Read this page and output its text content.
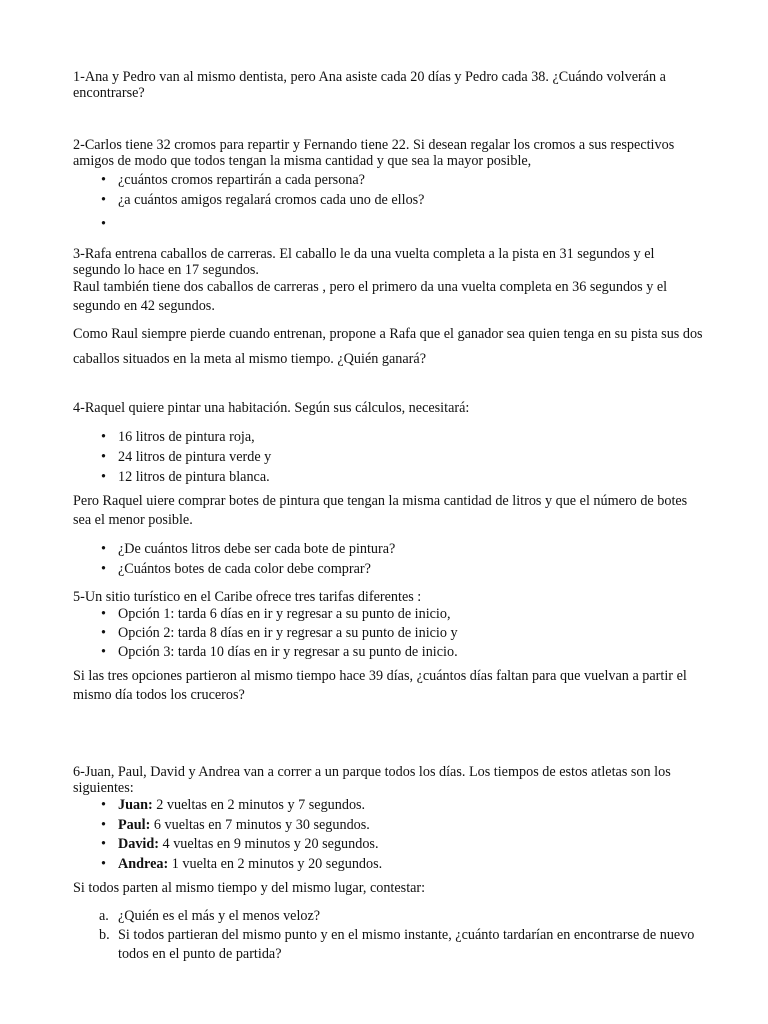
1-Ana y Pedro van al mismo dentista, pero Ana asiste cada 20 días y Pedro cada 38. ¿Cuándo volverán a encontrarse?

2-Carlos tiene 32 cromos para repartir y Fernando tiene 22. Si desean regalar los cromos a sus respectivos amigos de modo que todos tengan la misma cantidad y que sea la mayor posible,

• ¿cuántos cromos repartirán a cada persona?
• ¿a cuántos amigos regalará cromos cada uno de ellos?
•

3-Rafa entrena caballos de carreras. El caballo le da una vuelta completa a la pista en 31 segundos y el segundo lo hace en 17 segundos.

Raul también tiene dos caballos de carreras , pero el primero da una vuelta completa en 36 segundos y el segundo en 42 segundos.

Como Raul siempre pierde cuando entrenan, propone a Rafa que el ganador sea quien tenga en su pista sus dos caballos situados en la meta al mismo tiempo. ¿Quién ganará?

4-Raquel quiere pintar una habitación. Según sus cálculos, necesitará:

• 16 litros de pintura roja,
• 24 litros de pintura verde y
• 12 litros de pintura blanca.

Pero Raquel uiere comprar botes de pintura que tengan la misma cantidad de litros y que el número de botes sea el menor posible.

• ¿De cuántos litros debe ser cada bote de pintura?
• ¿Cuántos botes de cada color debe comprar?

5-Un sitio turístico en el Caribe ofrece tres tarifas diferentes :

• Opción 1: tarda 6 días en ir y regresar a su punto de inicio,
• Opción 2: tarda 8 días en ir y regresar a su punto de inicio y
• Opción 3: tarda 10 días en ir y regresar a su punto de inicio.

Si las tres opciones partieron al mismo tiempo hace 39 días, ¿cuántos días faltan para que vuelvan a partir el mismo día todos los cruceros?

6-Juan, Paul, David y Andrea van a correr a un parque todos los días. Los tiempos de estos atletas son los siguientes:

• Juan: 2 vueltas en 2 minutos y 7 segundos.
• Paul: 6 vueltas en 7 minutos y 30 segundos.
• David: 4 vueltas en 9 minutos y 20 segundos.
• Andrea: 1 vuelta en 2 minutos y 20 segundos.

Si todos parten al mismo tiempo y del mismo lugar, contestar:

a. ¿Quién es el más y el menos veloz?
b. Si todos partieran del mismo punto y en el mismo instante, ¿cuánto tardarían en encontrarse de nuevo todos en el punto de partida?
